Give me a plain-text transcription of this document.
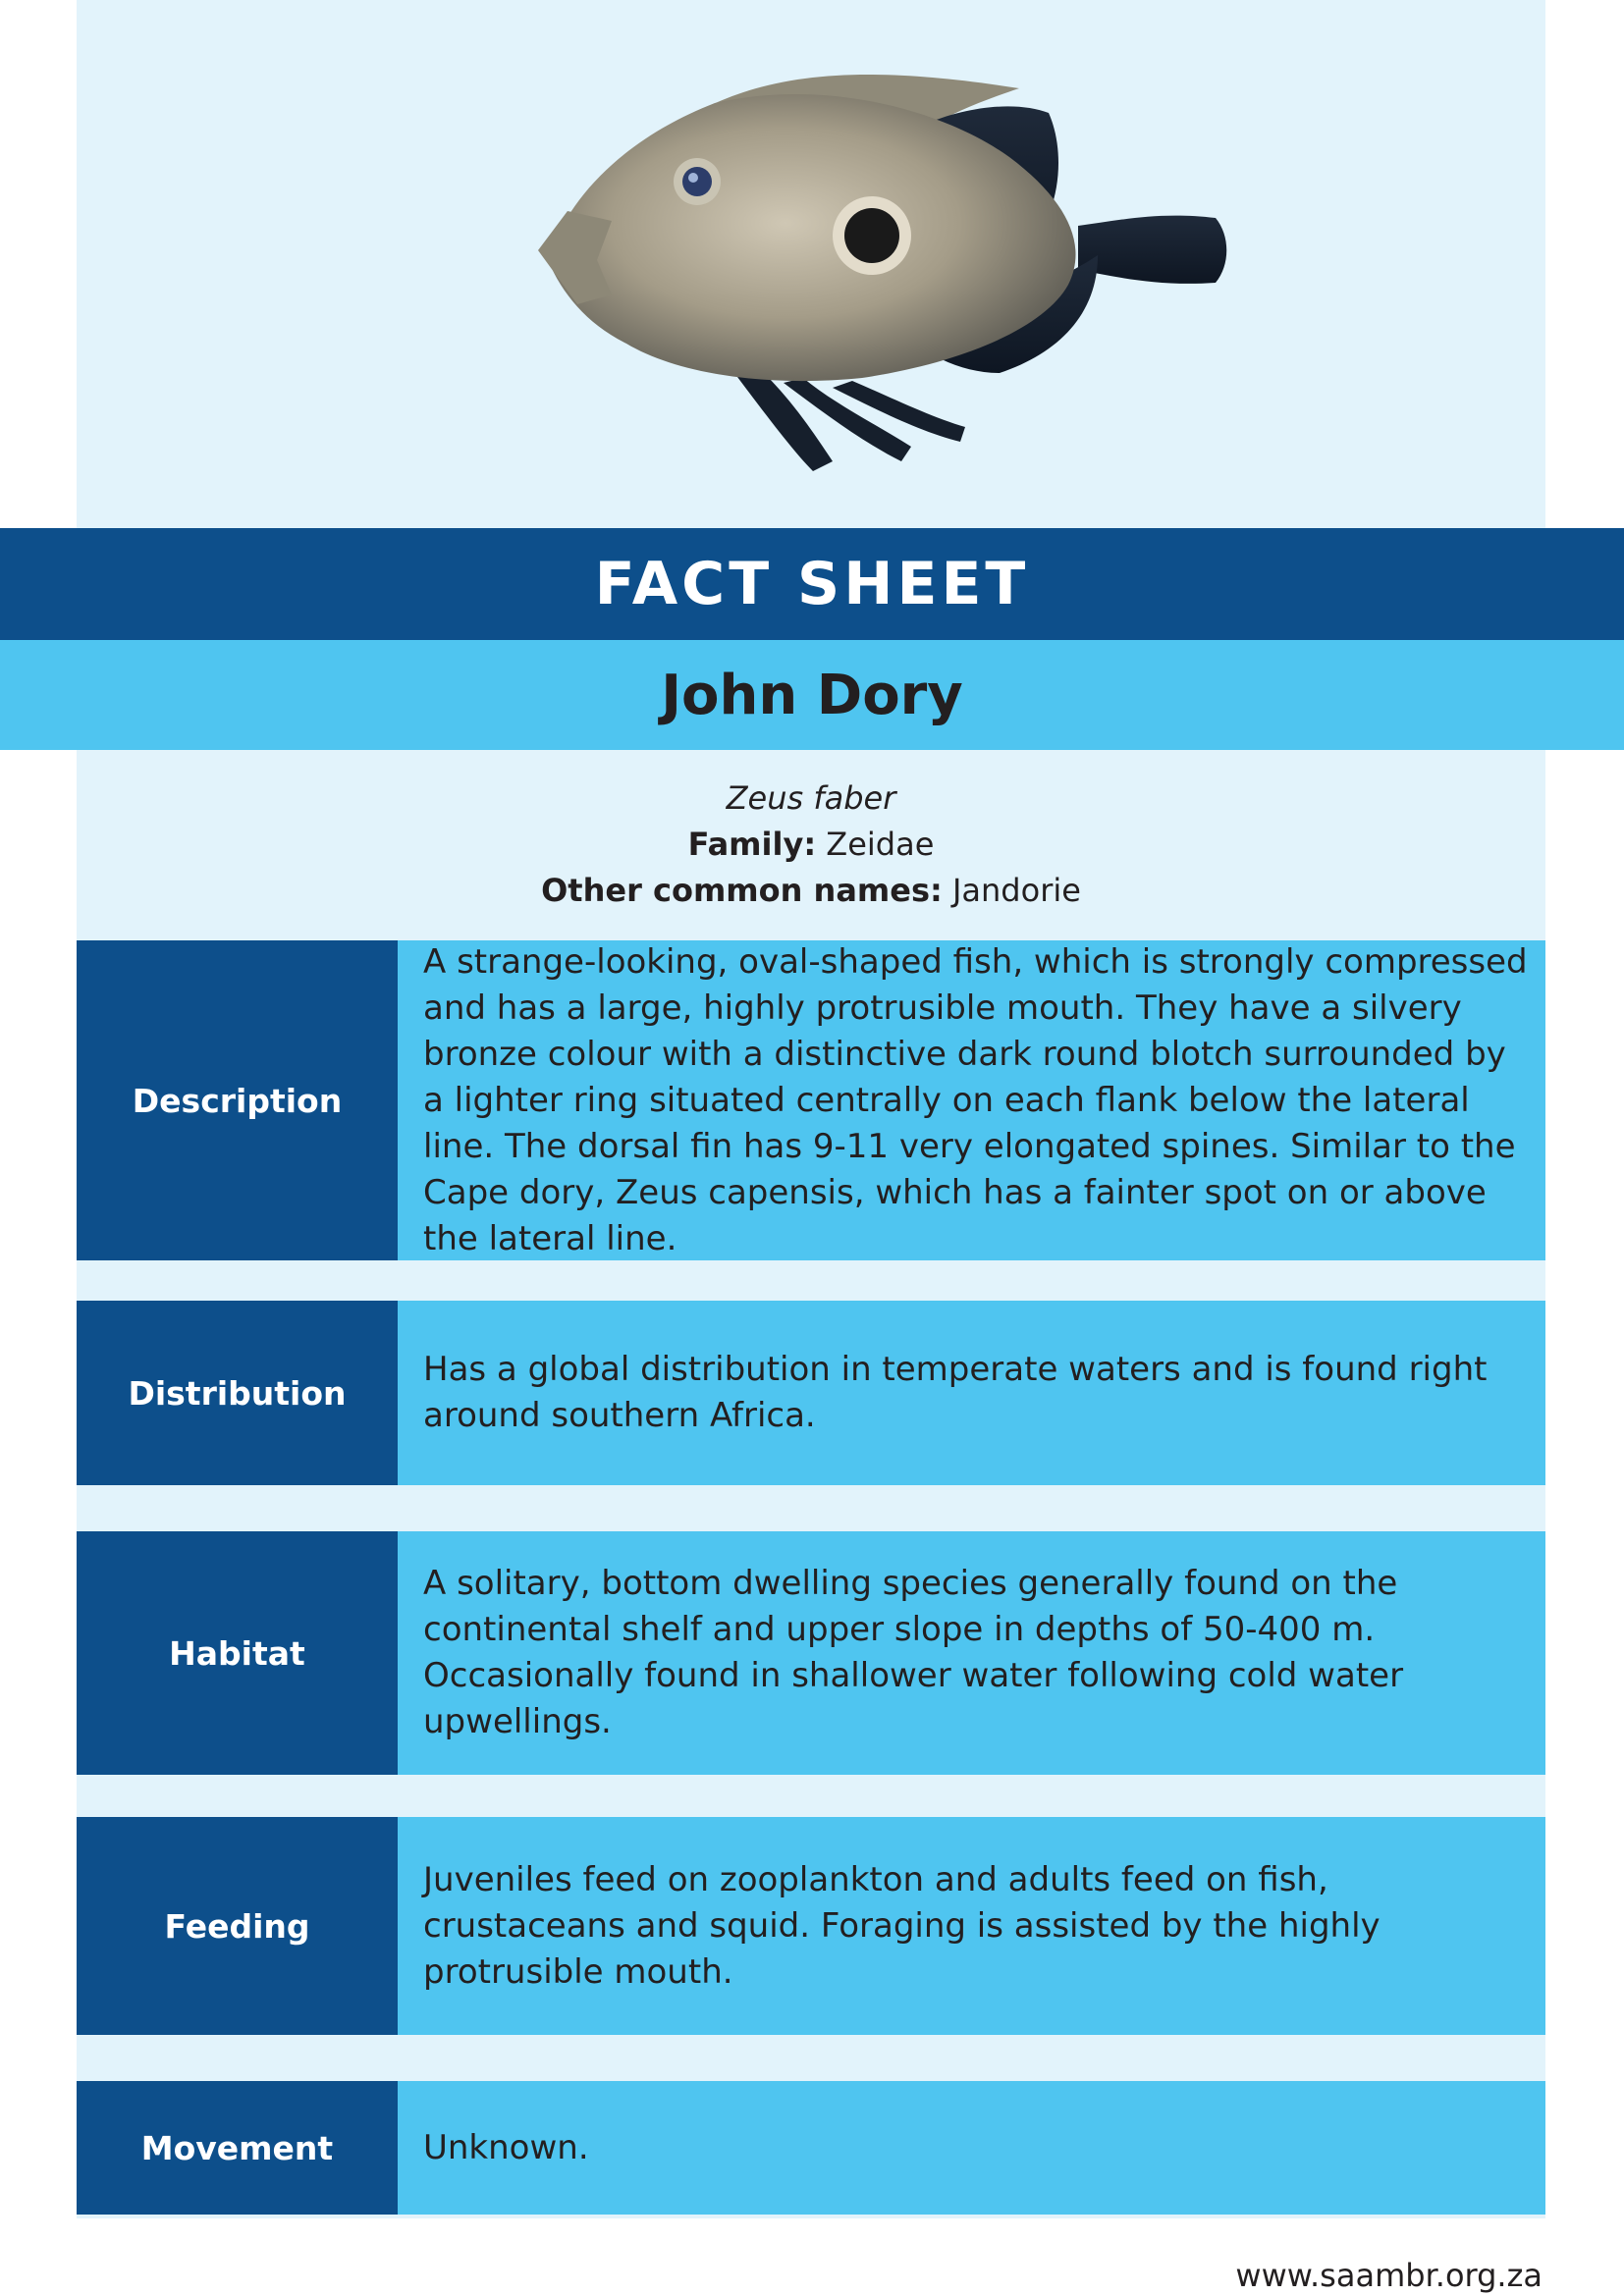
FACT SHEET
John Dory
Zeus faber
Family: Zeidae
Other common names: Jandorie
Description
A strange-looking, oval-shaped fish, which is strongly compressed and has a large, highly protrusible mouth. They have a silvery bronze colour with a distinctive dark round blotch surrounded by a lighter ring situated centrally on each flank below the lateral line. The dorsal fin has 9-11 very elongated spines. Similar to the Cape dory, Zeus capensis, which has a fainter spot on or above the lateral line.
Distribution
Has a global distribution in temperate waters and is found right around southern Africa.
Habitat
A solitary, bottom dwelling species generally found on the continental shelf and upper slope in depths of 50-400 m. Occasionally found in shallower water following cold water upwellings.
Feeding
Juveniles feed on zooplankton and adults feed on fish, crustaceans and squid. Foraging is assisted by the highly protrusible mouth.
Movement	Unknown.
www.saambr.org.za
